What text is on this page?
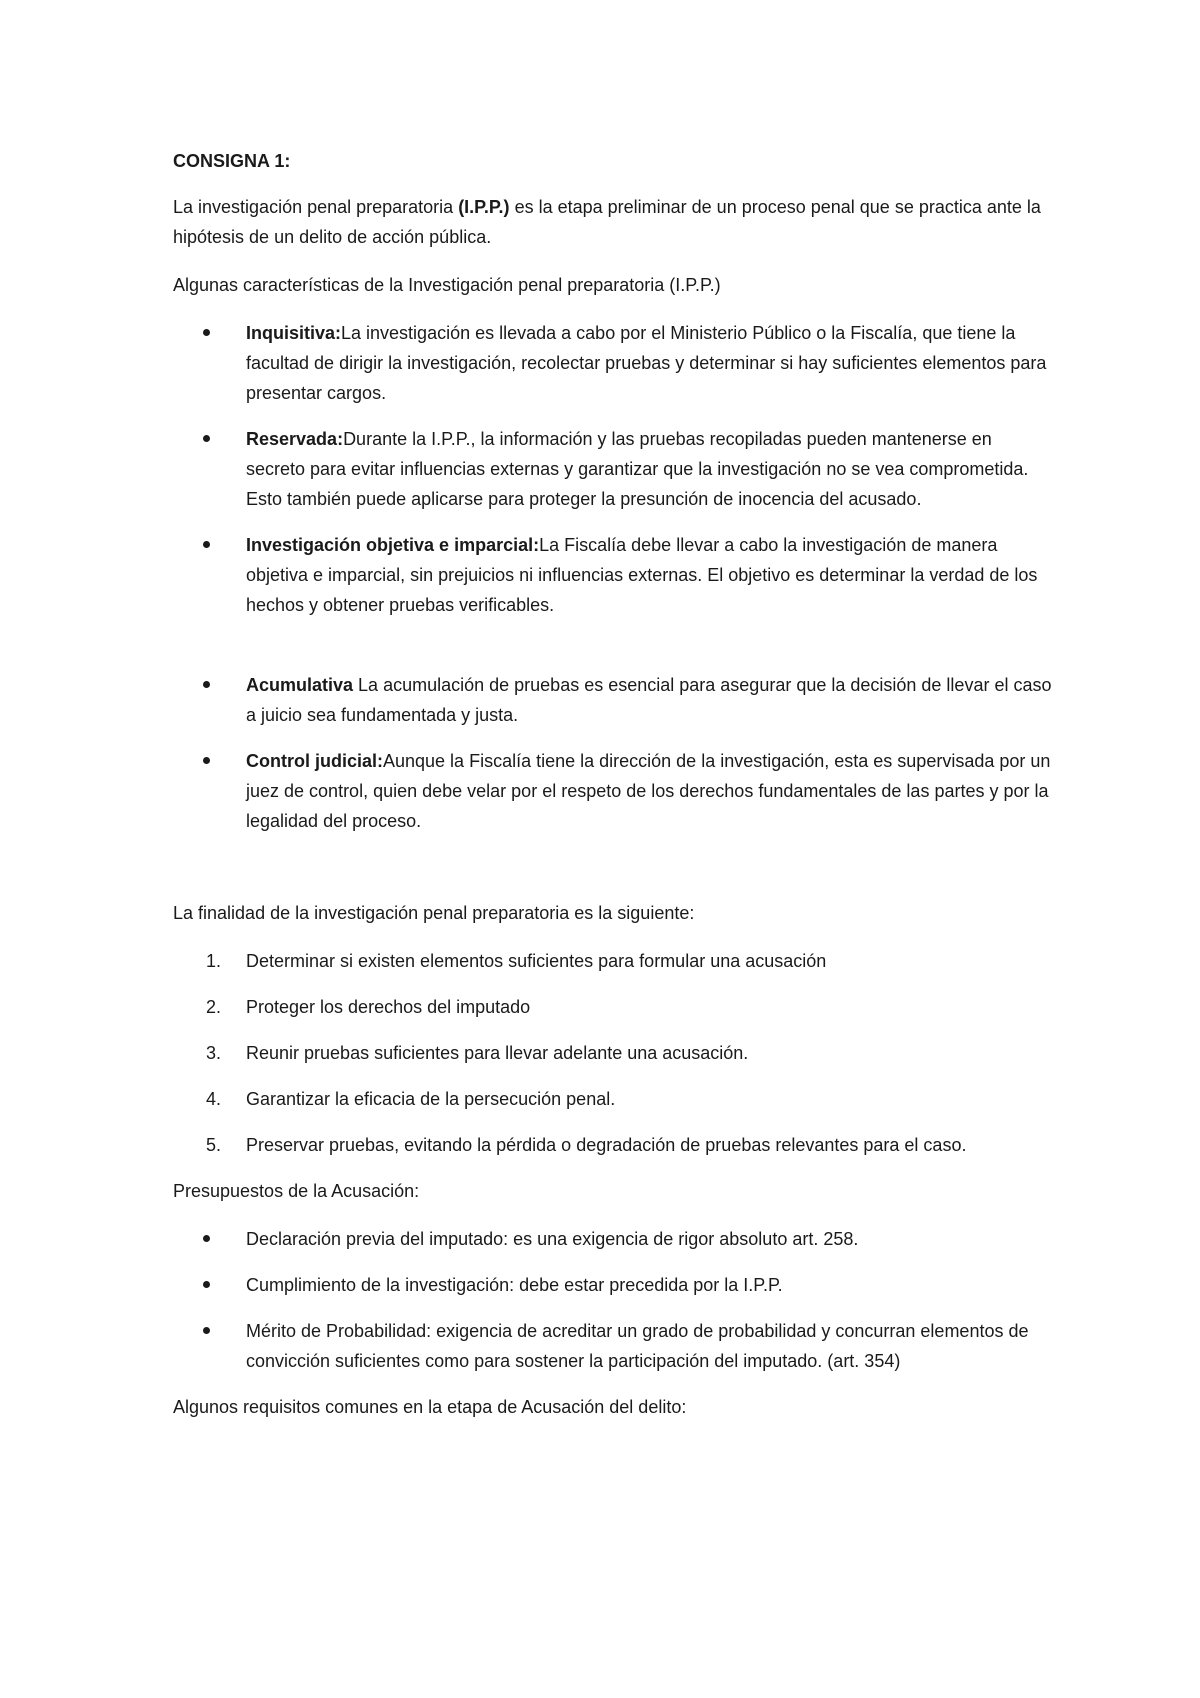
CONSIGNA 1:

La investigación penal preparatoria (I.P.P.) es la etapa preliminar de un proceso penal que se practica ante la hipótesis de un delito de acción pública.

Algunas características de la Investigación penal preparatoria (I.P.P.)

Inquisitiva:La investigación es llevada a cabo por el Ministerio Público o la Fiscalía, que tiene la facultad de dirigir la investigación, recolectar pruebas y determinar si hay suficientes elementos para presentar cargos.
Reservada:Durante la I.P.P., la información y las pruebas recopiladas pueden mantenerse en secreto para evitar influencias externas y garantizar que la investigación no se vea comprometida. Esto también puede aplicarse para proteger la presunción de inocencia del acusado.
Investigación objetiva e imparcial:La Fiscalía debe llevar a cabo la investigación de manera objetiva e imparcial, sin prejuicios ni influencias externas. El objetivo es determinar la verdad de los hechos y obtener pruebas verificables.
Acumulativa La acumulación de pruebas es esencial para asegurar que la decisión de llevar el caso a juicio sea fundamentada y justa.
Control judicial:Aunque la Fiscalía tiene la dirección de la investigación, esta es supervisada por un juez de control, quien debe velar por el respeto de los derechos fundamentales de las partes y por la legalidad del proceso.

La finalidad de la investigación penal preparatoria es la siguiente:

1. Determinar si existen elementos suficientes para formular una acusación
2. Proteger los derechos del imputado
3. Reunir pruebas suficientes para llevar adelante una acusación.
4. Garantizar la eficacia de la persecución penal.
5. Preservar pruebas, evitando la pérdida o degradación de pruebas relevantes para el caso.

Presupuestos de la Acusación:

Declaración previa del imputado: es una exigencia de rigor absoluto art. 258.
Cumplimiento de la investigación: debe estar precedida por la I.P.P.
Mérito de Probabilidad: exigencia de acreditar un grado de probabilidad y concurran elementos de convicción suficientes como para sostener la participación del imputado. (art. 354)

Algunos requisitos comunes en la etapa de Acusación del delito:
